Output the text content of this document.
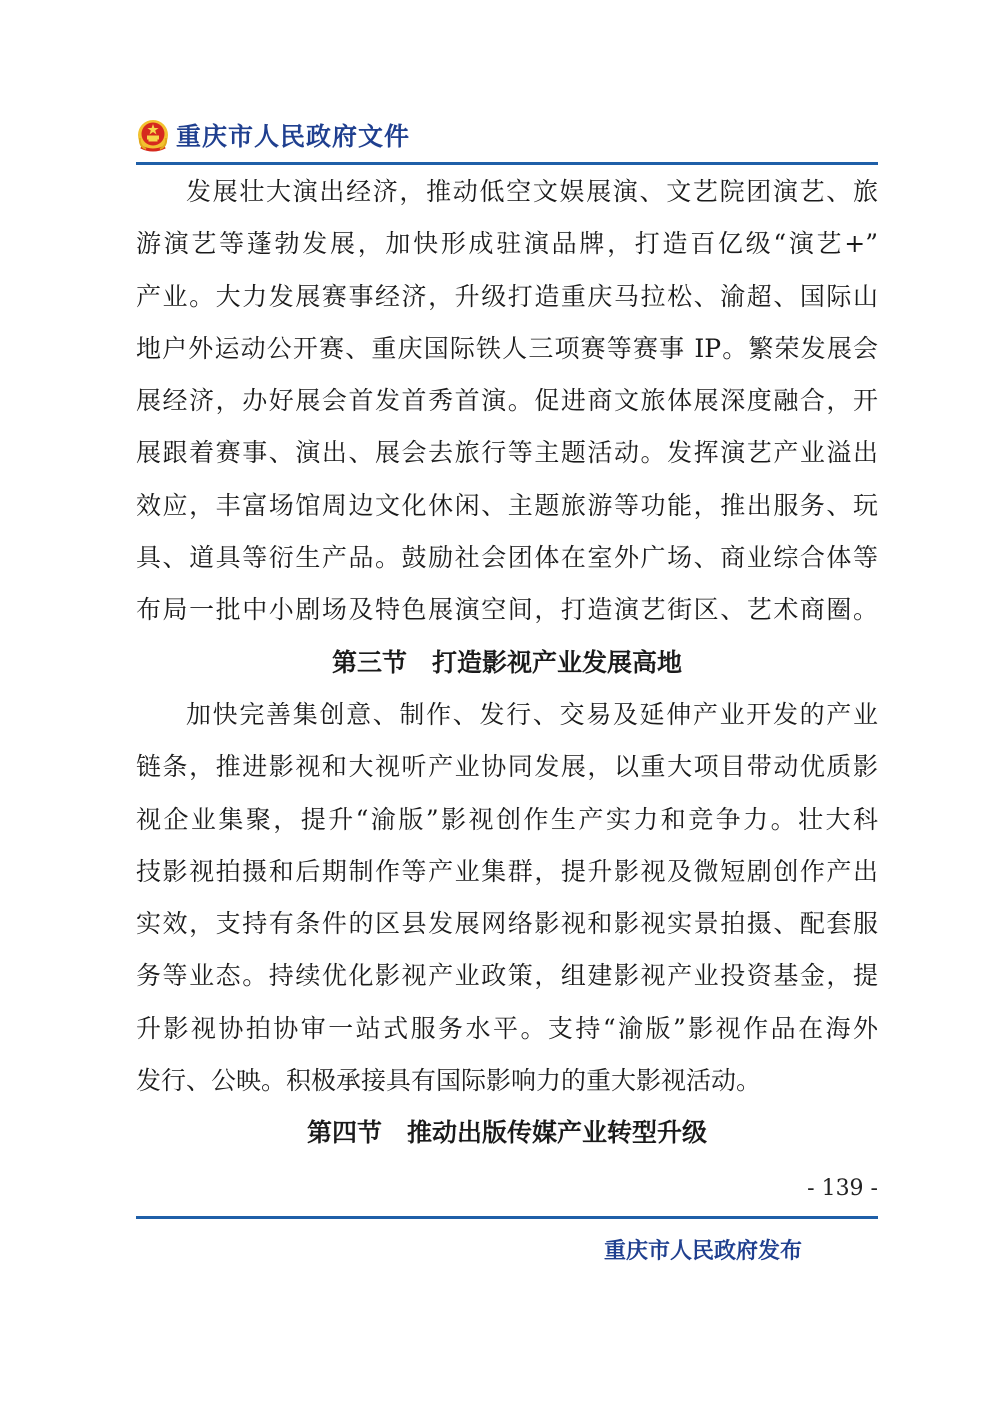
重庆市人民政府文件
发展壮大演出经济，推动低空文娱展演、文艺院团演艺、旅
游演艺等蓬勃发展，加快形成驻演品牌，打造百亿级“演艺+”
产业。大力发展赛事经济，升级打造重庆马拉松、渝超、国际山
地户外运动公开赛、重庆国际铁人三项赛等赛事 IP。繁荣发展会
展经济，办好展会首发首秀首演。促进商文旅体展深度融合，开
展跟着赛事、演出、展会去旅行等主题活动。发挥演艺产业溢出
效应，丰富场馆周边文化休闲、主题旅游等功能，推出服务、玩
具、道具等衍生产品。鼓励社会团体在室外广场、商业综合体等
布局一批中小剧场及特色展演空间，打造演艺街区、艺术商圈。
第三节　打造影视产业发展高地
加快完善集创意、制作、发行、交易及延伸产业开发的产业
链条，推进影视和大视听产业协同发展，以重大项目带动优质影
视企业集聚，提升“渝版”影视创作生产实力和竞争力。壮大科
技影视拍摄和后期制作等产业集群，提升影视及微短剧创作产出
实效，支持有条件的区县发展网络影视和影视实景拍摄、配套服
务等业态。持续优化影视产业政策，组建影视产业投资基金，提
升影视协拍协审一站式服务水平。支持“渝版”影视作品在海外
发行、公映。积极承接具有国际影响力的重大影视活动。
第四节　推动出版传媒产业转型升级
- 139 -
重庆市人民政府发布
